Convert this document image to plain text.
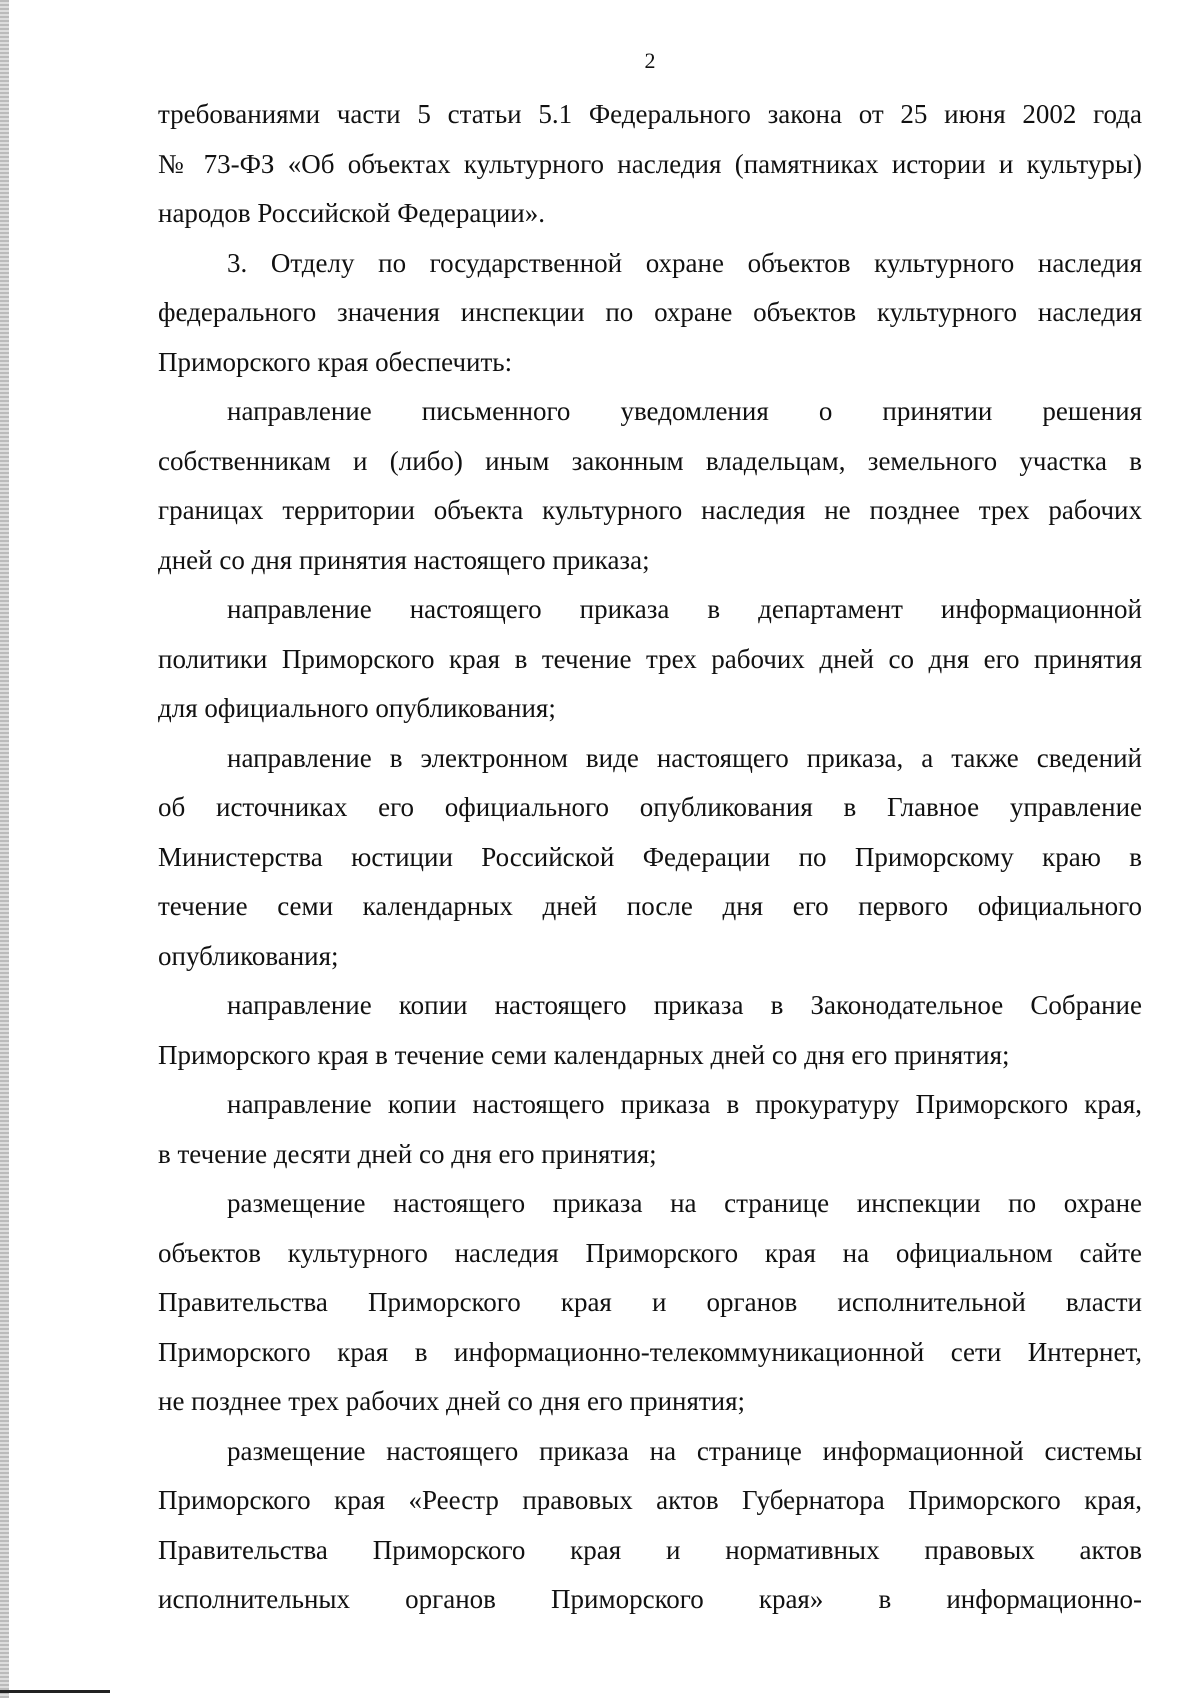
2
требованиями части 5 статьи 5.1 Федерального закона от 25 июня 2002 года
№ 73-ФЗ «Об объектах культурного наследия (памятниках истории и культуры)
народов Российской Федерации».
3. Отделу по государственной охране объектов культурного наследия
федерального значения инспекции по охране объектов культурного наследия
Приморского края обеспечить:
направление письменного уведомления о принятии решения
собственникам и (либо) иным законным владельцам, земельного участка в
границах территории объекта культурного наследия не позднее трех рабочих
дней со дня принятия настоящего приказа;
направление настоящего приказа в департамент информационной
политики Приморского края в течение трех рабочих дней со дня его принятия
для официального опубликования;
направление в электронном виде настоящего приказа, а также сведений
об источниках его официального опубликования в Главное управление
Министерства юстиции Российской Федерации по Приморскому краю в
течение семи календарных дней после дня его первого официального
опубликования;
направление копии настоящего приказа в Законодательное Собрание
Приморского края в течение семи календарных дней со дня его принятия;
направление копии настоящего приказа в прокуратуру Приморского края,
в течение десяти дней со дня его принятия;
размещение настоящего приказа на странице инспекции по охране
объектов культурного наследия Приморского края на официальном сайте
Правительства Приморского края и органов исполнительной власти
Приморского края в информационно-телекоммуникационной сети Интернет,
не позднее трех рабочих дней со дня его принятия;
размещение настоящего приказа на странице информационной системы
Приморского края «Реестр правовых актов Губернатора Приморского края,
Правительства Приморского края и нормативных правовых актов
исполнительных органов Приморского края» в информационно-
